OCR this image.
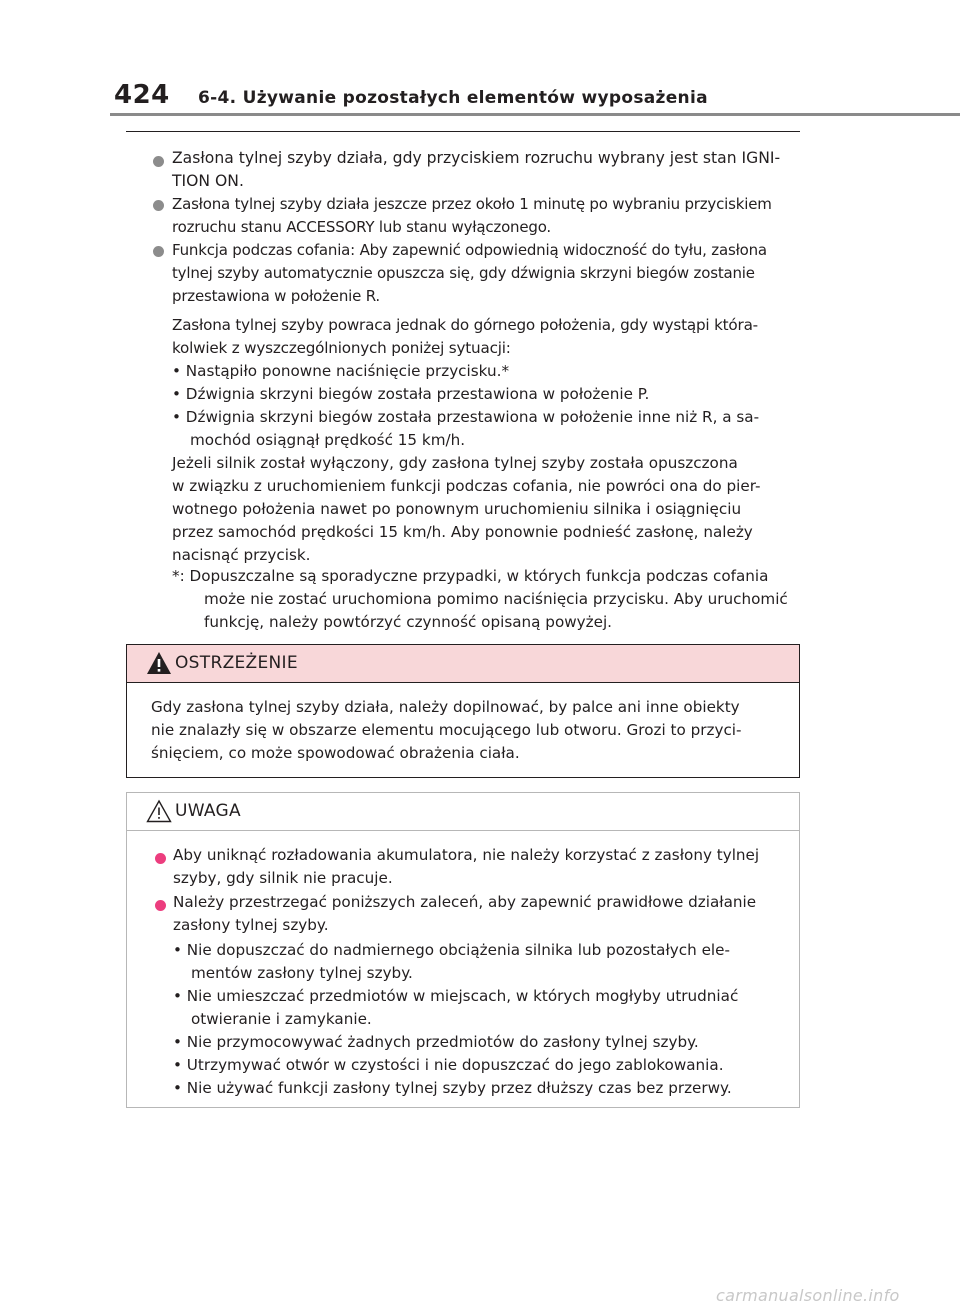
424 6-4. Używanie pozostałych elementów wyposażenia
Zasłona tylnej szyby działa, gdy przyciskiem rozruchu wybrany jest stan IGNI-
TION ON.
Zasłona tylnej szyby działa jeszcze przez około 1 minutę po wybraniu przyciskiem
rozruchu stanu ACCESSORY lub stanu wyłączonego.
Funkcja podczas cofania: Aby zapewnić odpowiednią widoczność do tyłu, zasłona
tylnej szyby automatycznie opuszcza się, gdy dźwignia skrzyni biegów zostanie
przestawiona w położenie R.
Zasłona tylnej szyby powraca jednak do górnego położenia, gdy wystąpi która-
kolwiek z wyszczególnionych poniżej sytuacji:
• Nastąpiło ponowne naciśnięcie przycisku.*
• Dźwignia skrzyni biegów została przestawiona w położenie P.
• Dźwignia skrzyni biegów została przestawiona w położenie inne niż R, a sa-
mochód osiągnął prędkość 15 km/h.
Jeżeli silnik został wyłączony, gdy zasłona tylnej szyby została opuszczona
w związku z uruchomieniem funkcji podczas cofania, nie powróci ona do pier-
wotnego położenia nawet po ponownym uruchomieniu silnika i osiągnięciu
przez samochód prędkości 15 km/h. Aby ponownie podnieść zasłonę, należy
nacisnąć przycisk.
*: Dopuszczalne są sporadyczne przypadki, w których funkcja podczas cofania
może nie zostać uruchomiona pomimo naciśnięcia przycisku. Aby uruchomić
funkcję, należy powtórzyć czynność opisaną powyżej.
OSTRZEŻENIE
Gdy zasłona tylnej szyby działa, należy dopilnować, by palce ani inne obiekty
nie znalazły się w obszarze elementu mocującego lub otworu. Grozi to przyci-
śnięciem, co może spowodować obrażenia ciała.
UWAGA
Aby uniknąć rozładowania akumulatora, nie należy korzystać z zasłony tylnej
szyby, gdy silnik nie pracuje.
Należy przestrzegać poniższych zaleceń, aby zapewnić prawidłowe działanie
zasłony tylnej szyby.
• Nie dopuszczać do nadmiernego obciążenia silnika lub pozostałych ele-
mentów zasłony tylnej szyby.
• Nie umieszczać przedmiotów w miejscach, w których mogłyby utrudniać
otwieranie i zamykanie.
• Nie przymocowywać żadnych przedmiotów do zasłony tylnej szyby.
• Utrzymywać otwór w czystości i nie dopuszczać do jego zablokowania.
• Nie używać funkcji zasłony tylnej szyby przez dłuższy czas bez przerwy.
carmanualsonline.info
